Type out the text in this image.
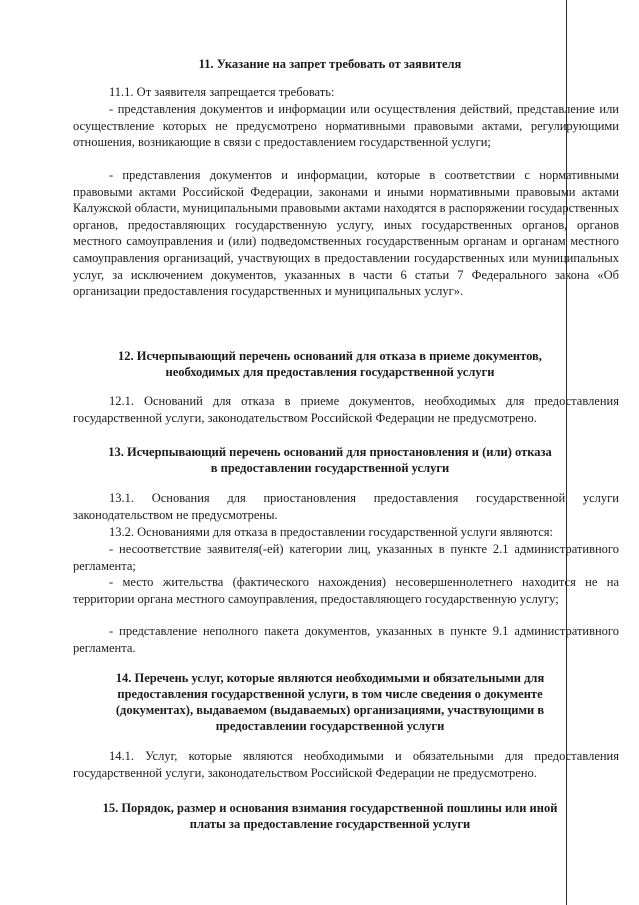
11. Указание на запрет требовать от заявителя

11.1. От заявителя запрещается требовать:

- представления документов и информации или осуществления действий, представление или осуществление которых не предусмотрено нормативными правовыми актами, регулирующими отношения, возникающие в связи с предоставлением государственной услуги;

- представления документов и информации, которые в соответствии с нормативными правовыми актами Российской Федерации, законами и иными нормативными правовыми актами Калужской области, муниципальными правовыми актами находятся в распоряжении государственных органов, предоставляющих государственную услугу, иных государственных органов, органов местного самоуправления и (или) подведомственных государственным органам и органам местного самоуправления организаций, участвующих в предоставлении государственных или муниципальных услуг, за исключением документов, указанных в части 6 статьи 7 Федерального закона «Об организации предоставления государственных и муниципальных услуг».

12. Исчерпывающий перечень оснований для отказа в приеме документов,
необходимых для предоставления государственной услуги

12.1. Оснований для отказа в приеме документов, необходимых для предоставления государственной услуги, законодательством Российской Федерации не предусмотрено.

13. Исчерпывающий перечень оснований для приостановления и (или) отказа
в предоставлении государственной услуги

13.1. Основания для приостановления предоставления государственной услуги законодательством не предусмотрены.

13.2. Основаниями для отказа в предоставлении государственной услуги являются:

- несоответствие заявителя(-ей) категории лиц, указанных в пункте 2.1 административного регламента;

- место жительства (фактического нахождения) несовершеннолетнего находится не на территории органа местного самоуправления, предоставляющего государственную услугу;

- представление неполного пакета документов, указанных в пункте 9.1 административного регламента.

14. Перечень услуг, которые являются необходимыми и обязательными для
предоставления государственной услуги, в том числе сведения о документе
(документах), выдаваемом (выдаваемых) организациями, участвующими в
предоставлении государственной услуги

14.1. Услуг, которые являются необходимыми и обязательными для предоставления государственной услуги, законодательством Российской Федерации не предусмотрено.

15. Порядок, размер и основания взимания государственной пошлины или иной
платы за предоставление государственной услуги
